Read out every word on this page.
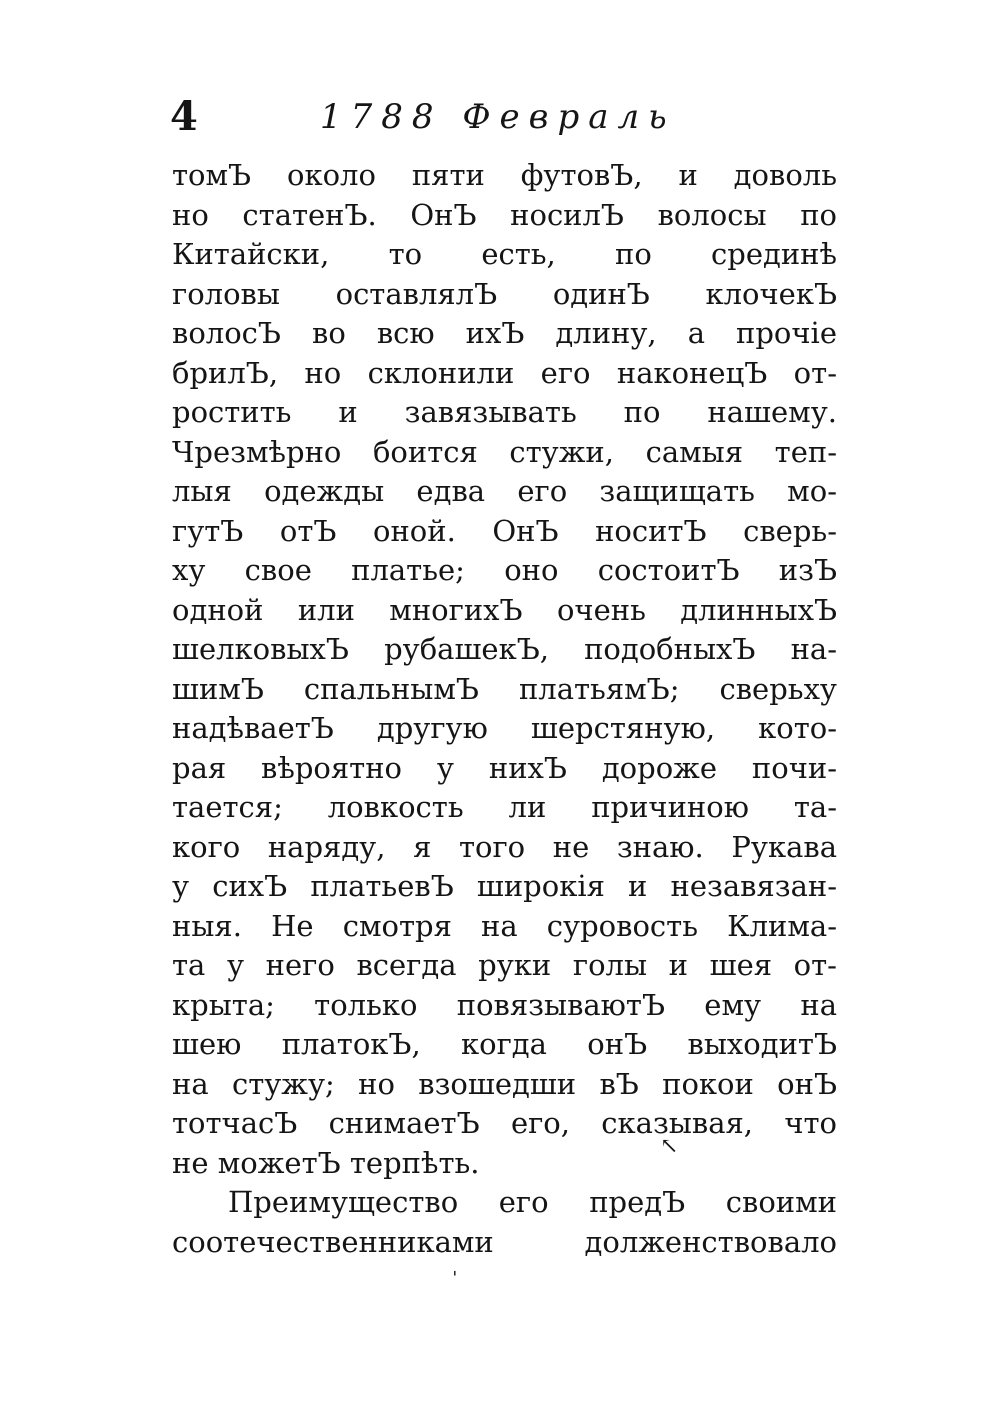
4	1788 Февраль
томЪ около пяти футовЪ, и доволь
но статенЪ. ОнЪ носилЪ волосы по
Китайски, то есть, по срединѣ
головы оставлялЪ одинЪ клочекЪ
волосЪ во всю ихЪ длину, а прочіе
брилЪ, но склонили его наконецЪ от-
ростить и завязывать по нашему.
Чрезмѣрно боится стужи, самыя теп-
лыя одежды едва его защищать мо-
гутЪ отЪ оной. ОнЪ носитЪ сверь-
ху свое платье; оно состоитЪ изЪ
одной или многихЪ очень длинныхЪ
шелковыхЪ рубашекЪ, подобныхЪ на-
шимЪ спальнымЪ платьямЪ; сверьху
надѣваетЪ другую шерстяную, кото-
рая вѣроятно у нихЪ дороже почи-
тается; ловкость ли причиною та-
кого наряду, я того не знаю. Рукава
у сихЪ платьевЪ широкія и незавязан-
ныя. Не смотря на суровость Клима-
та у него всегда руки голы и шея от-
крыта; только повязываютЪ ему на
шею платокЪ, когда онЪ выходитЪ
на стужу; но взошедши вЪ покои онЪ
тотчасЪ снимаетЪ его, сказывая, что
не можетЪ терпѣть.
Преимущество его предЪ своими
соотечественниками долженствовало
↖
ˌ
